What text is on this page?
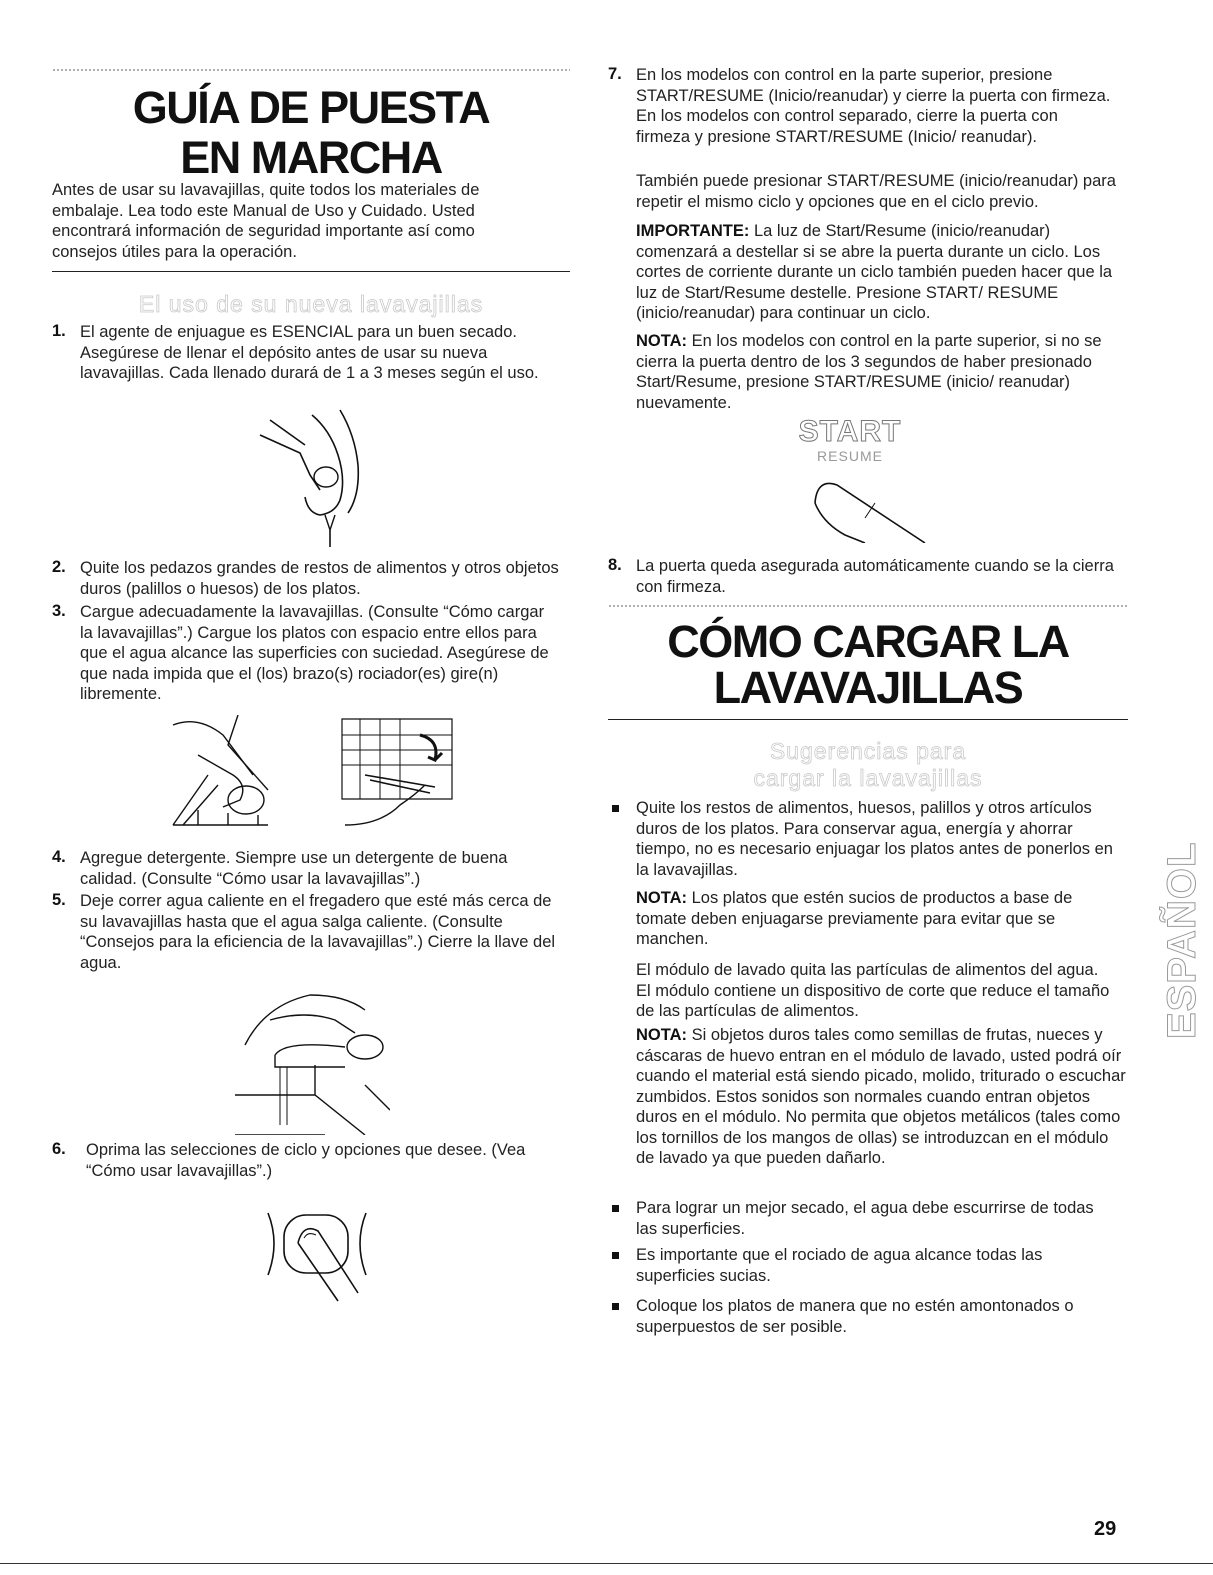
GUÍA DE PUESTA
EN MARCHA
Antes de usar su lavavajillas, quite todos los materiales de embalaje. Lea todo este Manual de Uso y Cuidado. Usted encontrará información de seguridad importante así como consejos útiles para la operación.
El uso de su nueva lavavajillas
1. El agente de enjuague es ESENCIAL para un buen secado. Asegúrese de llenar el depósito antes de usar su nueva lavavajillas. Cada llenado durará de 1 a 3 meses según el uso.
2. Quite los pedazos grandes de restos de alimentos y otros objetos duros (palillos o huesos) de los platos.
3. Cargue adecuadamente la lavavajillas. (Consulte “Cómo cargar la lavavajillas”.) Cargue los platos con espacio entre ellos para que el agua alcance las superficies con suciedad. Asegúrese de que nada impida que el (los) brazo(s) rociador(es) gire(n) libremente.
4. Agregue detergente. Siempre use un detergente de buena calidad. (Consulte “Cómo usar la lavavajillas”.)
5. Deje correr agua caliente en el fregadero que esté más cerca de su lavavajillas hasta que el agua salga caliente. (Consulte “Consejos para la eficiencia de la lavavajillas”.) Cierre la llave del agua.
6. Oprima las selecciones de ciclo y opciones que desee. (Vea “Cómo usar lavavajillas”.)
7. En los modelos con control en la parte superior, presione START/RESUME (Inicio/reanudar) y cierre la puerta con firmeza. En los modelos con control separado, cierre la puerta con firmeza y presione START/RESUME (Inicio/ reanudar).
También puede presionar START/RESUME (inicio/reanudar) para repetir el mismo ciclo y opciones que en el ciclo previo.
IMPORTANTE: La luz de Start/Resume (inicio/reanudar) comenzará a destellar si se abre la puerta durante un ciclo. Los cortes de corriente durante un ciclo también pueden hacer que la luz de Start/Resume destelle. Presione START/ RESUME (inicio/reanudar) para continuar un ciclo.
NOTA: En los modelos con control en la parte superior, si no se cierra la puerta dentro de los 3 segundos de haber presionado Start/Resume, presione START/RESUME (inicio/ reanudar) nuevamente.
START
RESUME
8. La puerta queda asegurada automáticamente cuando se la cierra con firmeza.
CÓMO CARGAR LA
LAVAVAJILLAS
Sugerencias para
cargar la lavavajillas
Quite los restos de alimentos, huesos, palillos y otros artículos duros de los platos. Para conservar agua, energía y ahorrar tiempo, no es necesario enjuagar los platos antes de ponerlos en la lavavajillas.
NOTA: Los platos que estén sucios de productos a base de tomate deben enjuagarse previamente para evitar que se manchen.
El módulo de lavado quita las partículas de alimentos del agua. El módulo contiene un dispositivo de corte que reduce el tamaño de las partículas de alimentos.
NOTA: Si objetos duros tales como semillas de frutas, nueces y cáscaras de huevo entran en el módulo de lavado, usted podrá oír cuando el material está siendo picado, molido, triturado o escuchar zumbidos. Estos sonidos son normales cuando entran objetos duros en el módulo. No permita que objetos metálicos (tales como los tornillos de los mangos de ollas) se introduzcan en el módulo de lavado ya que pueden dañarlo.
Para lograr un mejor secado, el agua debe escurrirse de todas las superficies.
Es importante que el rociado de agua alcance todas las superficies sucias.
Coloque los platos de manera que no estén amontonados o superpuestos de ser posible.
ESPAÑOL
29
